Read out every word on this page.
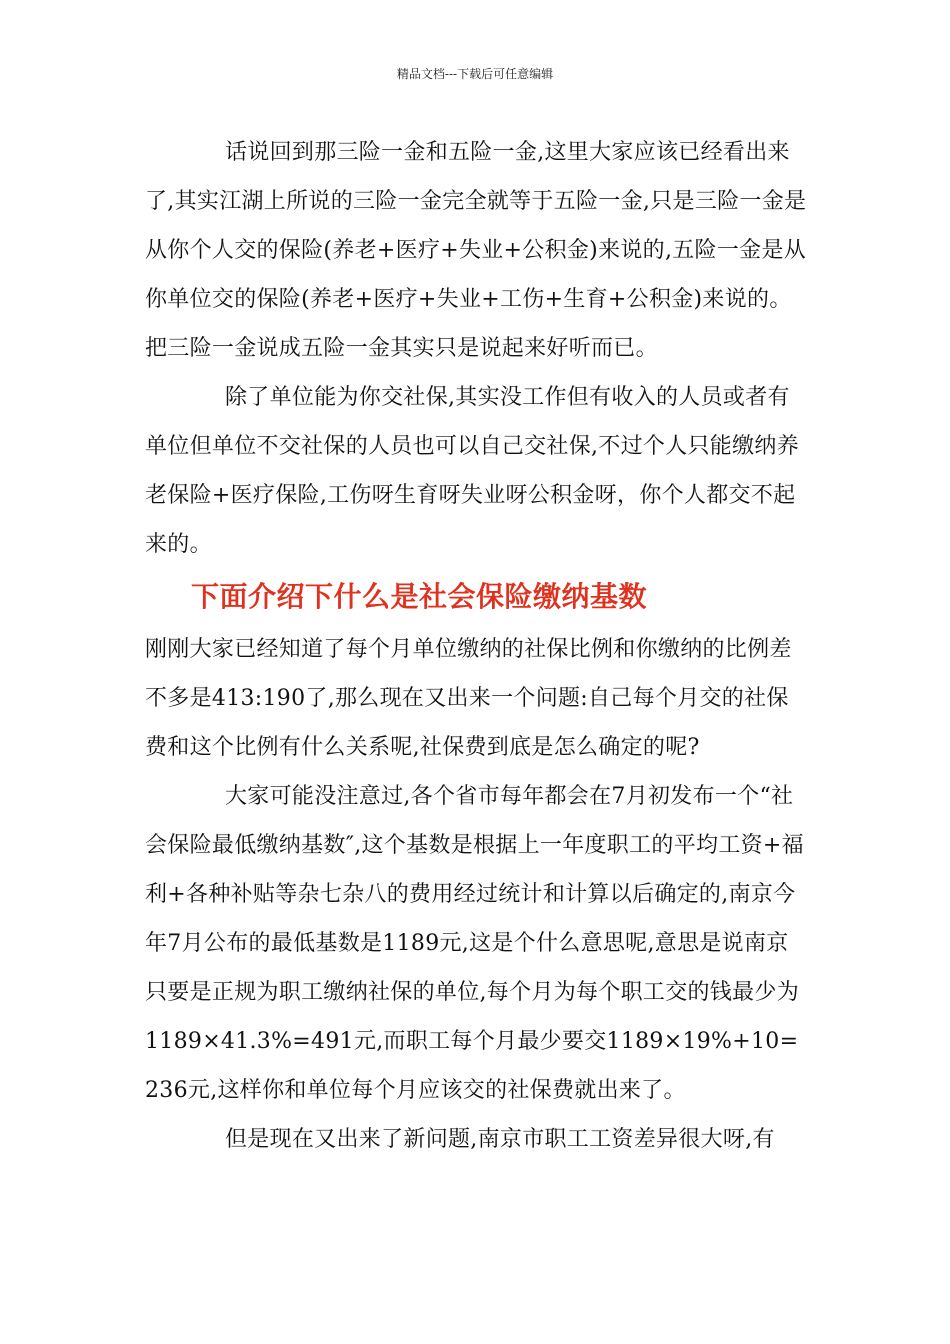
精品文档---下载后可任意编辑

话说回到那三险一金和五险一金,这里大家应该已经看出来了,其实江湖上所说的三险一金完全就等于五险一金,只是三险一金是从你个人交的保险(养老+医疗+失业+公积金)来说的,五险一金是从你单位交的保险(养老+医疗+失业+工伤+生育+公积金)来说的。把三险一金说成五险一金其实只是说起来好听而已。

除了单位能为你交社保,其实没工作但有收入的人员或者有单位但单位不交社保的人员也可以自己交社保,不过个人只能缴纳养老保险+医疗保险,工伤呀生育呀失业呀公积金呀，你个人都交不起来的。

下面介绍下什么是社会保险缴纳基数

刚刚大家已经知道了每个月单位缴纳的社保比例和你缴纳的比例差不多是413:190了,那么现在又出来一个问题:自己每个月交的社保费和这个比例有什么关系呢,社保费到底是怎么确定的呢?

大家可能没注意过,各个省市每年都会在7月初发布一个“社会保险最低缴纳基数″,这个基数是根据上一年度职工的平均工资+福利+各种补贴等杂七杂八的费用经过统计和计算以后确定的,南京今年7月公布的最低基数是1189元,这是个什么意思呢,意思是说南京只要是正规为职工缴纳社保的单位,每个月为每个职工交的钱最少为1189×41.3%=491元,而职工每个月最少要交1189×19%+10=236元,这样你和单位每个月应该交的社保费就出来了。

但是现在又出来了新问题,南京市职工工资差异很大呀,有
